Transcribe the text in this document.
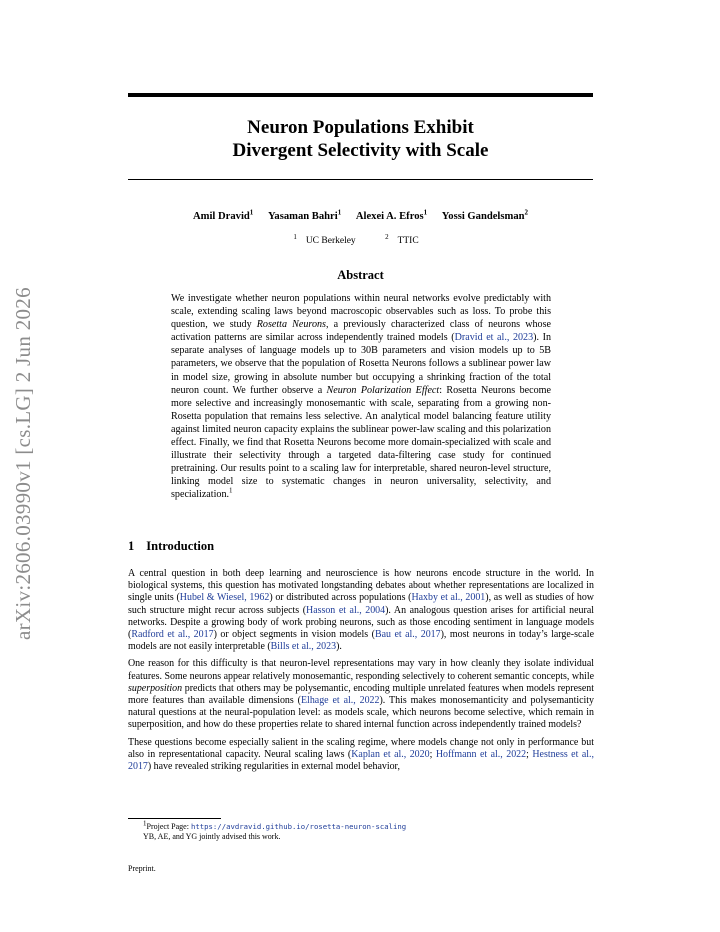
arXiv:2606.03990v1 [cs.LG] 2 Jun 2026
Neuron Populations Exhibit
Divergent Selectivity with Scale
Amil Dravid$^1$ Yasaman Bahri$^1$ Alexei A. Efros$^1$ Yossi Gandelsman$^2$
$^1$ UC Berkeley	$^2$ TTIC
Abstract
We investigate whether neuron populations within neural networks evolve predictably with scale, extending scaling laws beyond macroscopic observables such as loss. To probe this question, we study Rosetta Neurons, a previously characterized class of neurons whose activation patterns are similar across independently trained models (Dravid et al., 2023). In separate analyses of language models up to 30B parameters and vision models up to 5B parameters, we observe that the population of Rosetta Neurons follows a sublinear power law in model size, growing in absolute number but occupying a shrinking fraction of the total neuron count. We further observe a Neuron Polarization Effect: Rosetta Neurons become more selective and increasingly monosemantic with scale, separating from a growing non-Rosetta population that remains less selective. An analytical model balancing feature utility against limited neuron capacity explains the sublinear power-law scaling and this polarization effect. Finally, we find that Rosetta Neurons become more domain-specialized with scale and illustrate their selectivity through a targeted data-filtering case study for continued pretraining. Our results point to a scaling law for interpretable, shared neuron-level structure, linking model size to systematic changes in neuron universality, selectivity, and specialization.$^1$
1 Introduction

A central question in both deep learning and neuroscience is how neurons encode structure in the world. In biological systems, this question has motivated longstanding debates about whether representations are localized in single units (Hubel & Wiesel, 1962) or distributed across populations (Haxby et al., 2001), as well as studies of how such structure might recur across subjects (Hasson et al., 2004). An analogous question arises for artificial neural networks. Despite a growing body of work probing neurons, such as those encoding sentiment in language models (Radford et al., 2017) or object segments in vision models (Bau et al., 2017), most neurons in today’s large-scale models are not easily interpretable (Bills et al., 2023).

One reason for this difficulty is that neuron-level representations may vary in how cleanly they isolate individual features. Some neurons appear relatively monosemantic, responding selectively to coherent semantic concepts, while superposition predicts that others may be polysemantic, encoding multiple unrelated features when models represent more features than available dimensions (Elhage et al., 2022). This makes monosemanticity and polysemanticity natural questions at the neural-population level: as models scale, which neurons become selective, which remain in superposition, and how do these properties relate to shared internal function across independently trained models?

These questions become especially salient in the scaling regime, where models change not only in performance but also in representational capacity. Neural scaling laws (Kaplan et al., 2020; Hoffmann et al., 2022; Hestness et al., 2017) have revealed striking regularities in external model behavior,

$^1$Project Page: https://avdravid.github.io/rosetta-neuron-scaling
YB, AE, and YG jointly advised this work.
Preprint.
